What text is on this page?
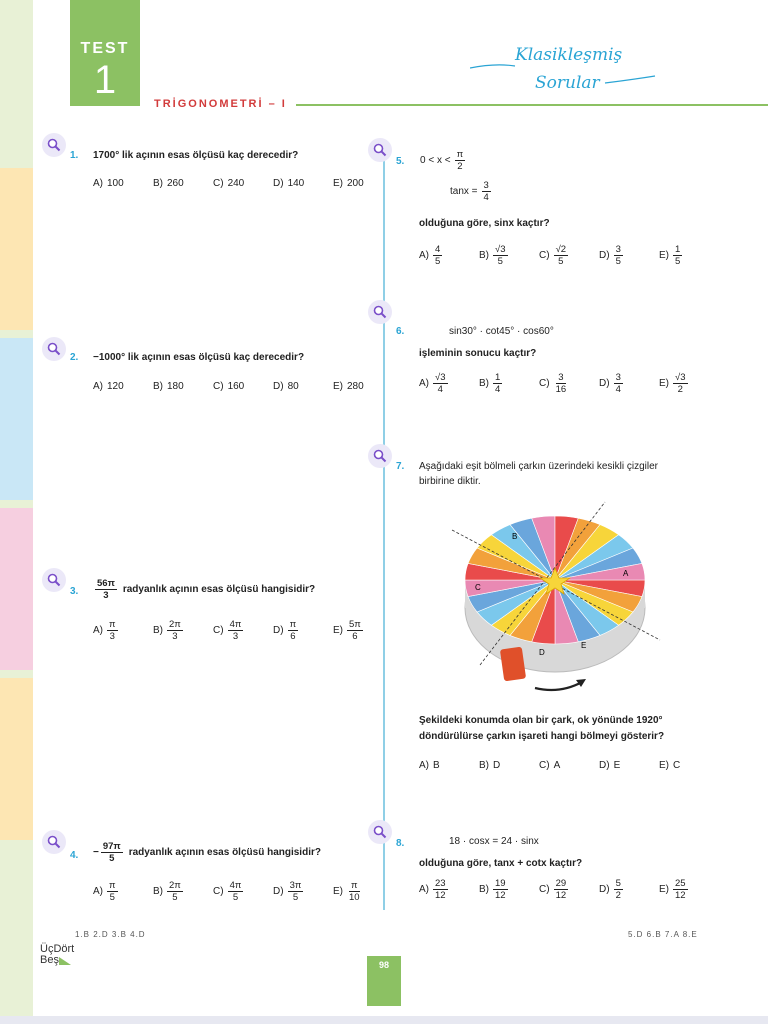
TEST
1
TRİGONOMETRİ – I
Klasikleşmiş
Sorular
1. 1700° lik açının esas ölçüsü kaç derecedir?
A) 100	B) 260	C) 240	D) 140	E) 200
2. −1000° lik açının esas ölçüsü kaç derecedir?
A) 120	B) 180	C) 160	D) 80	E) 280
3. $\frac{56\pi}{3}$ radyanlık açının esas ölçüsü hangisidir?
$A) \frac{\pi}{3}$	$B) \frac{2\pi}{3}$	$C) \frac{4\pi}{3}$	$D) \frac{\pi}{6}$	$E) \frac{5\pi}{6}$
4. − $\frac{97\pi}{5}$ radyanlık açının esas ölçüsü hangisidir?
$A) \frac{\pi}{5}$	$B) \frac{2\pi}{5}$	$C) \frac{4\pi}{5}$	$D) \frac{3\pi}{5}$	$E) \frac{\pi}{10}$
5. $0 < x < \frac{\pi}{2}$
$\tan x = \frac{3}{4}$
olduğuna göre, sinx kaçtır?
$A) \frac{4}{5}$	$B) \frac{√3}{5}$	$C) \frac{√2}{5}$	$D) \frac{3}{5}$	$E) \frac{1}{5}$
6.	sin30° · cot45° · cos60°
işleminin sonucu kaçtır?
$A) \frac{√3}{4}$	$B) \frac{1}{4}$	$C) \frac{3}{16}$	$D) \frac{3}{4}$	$E) \frac{√3}{2}$
7. Aşağıdaki eşit bölmeli çarkın üzerindeki kesikli çizgiler
birbirine diktir.
B
A
C
D
E
Şekildeki konumda olan bir çark, ok yönünde 1920°
döndürülürse çarkın işareti hangi bölmeyi gösterir?
A) B	B) D	C) A	D) E	E) C
8.	18 · cosx = 24 · sinx
olduğuna göre, tanx + cotx kaçtır?
$A) \frac{23}{12}$	$B) \frac{19}{12}$	$C) \frac{29}{12}$	$D) \frac{5}{2}$	$E) \frac{25}{12}$
1.B 2.D 3.B 4.D	5.D 6.B 7.A 8.E
ÜçDört
Beş	98
